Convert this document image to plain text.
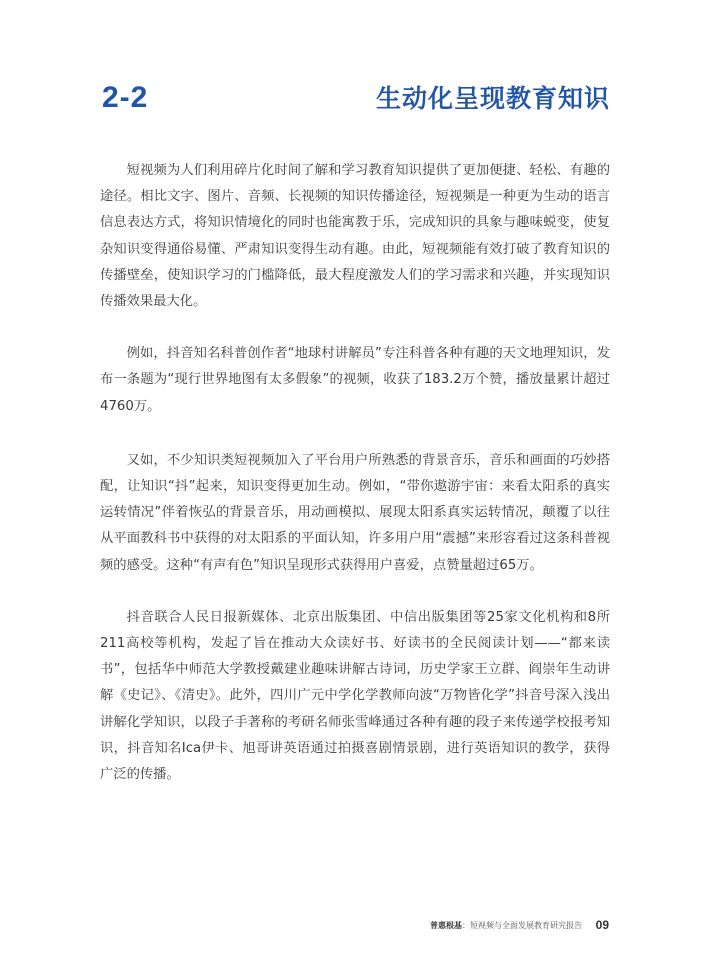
2-2	生动化呈现教育知识

短视频为人们利用碎片化时间了解和学习教育知识提供了更加便捷、轻松、有趣的途径。相比文字、图片、音频、长视频的知识传播途径，短视频是一种更为生动的语言信息表达方式，将知识情境化的同时也能寓教于乐，完成知识的具象与趣味蜕变，使复杂知识变得通俗易懂、严肃知识变得生动有趣。由此，短视频能有效打破了教育知识的传播壁垒，使知识学习的门槛降低，最大程度激发人们的学习需求和兴趣，并实现知识传播效果最大化。

例如，抖音知名科普创作者“地球村讲解员”专注科普各种有趣的天文地理知识，发布一条题为“现行世界地图有太多假象”的视频，收获了183.2万个赞，播放量累计超过4760万。

又如，不少知识类短视频加入了平台用户所熟悉的背景音乐，音乐和画面的巧妙搭配，让知识“抖”起来，知识变得更加生动。例如，“带你遨游宇宙：来看太阳系的真实运转情况”伴着恢弘的背景音乐，用动画模拟、展现太阳系真实运转情况，颠覆了以往从平面教科书中获得的对太阳系的平面认知，许多用户用“震撼”来形容看过这条科普视频的感受。这种“有声有色”知识呈现形式获得用户喜爱，点赞量超过65万。

抖音联合人民日报新媒体、北京出版集团、中信出版集团等25家文化机构和8所211高校等机构，发起了旨在推动大众读好书、好读书的全民阅读计划——“都来读书”，包括华中师范大学教授戴建业趣味讲解古诗词，历史学家王立群、阎崇年生动讲解《史记》、《清史》。此外，四川广元中学化学教师向波“万物皆化学”抖音号深入浅出讲解化学知识，以段子手著称的考研名师张雪峰通过各种有趣的段子来传递学校报考知识，抖音知名Ica伊卡、旭哥讲英语通过拍摄喜剧情景剧，进行英语知识的教学，获得广泛的传播。

普惠根基：短视频与全面发展教育研究报告 09
